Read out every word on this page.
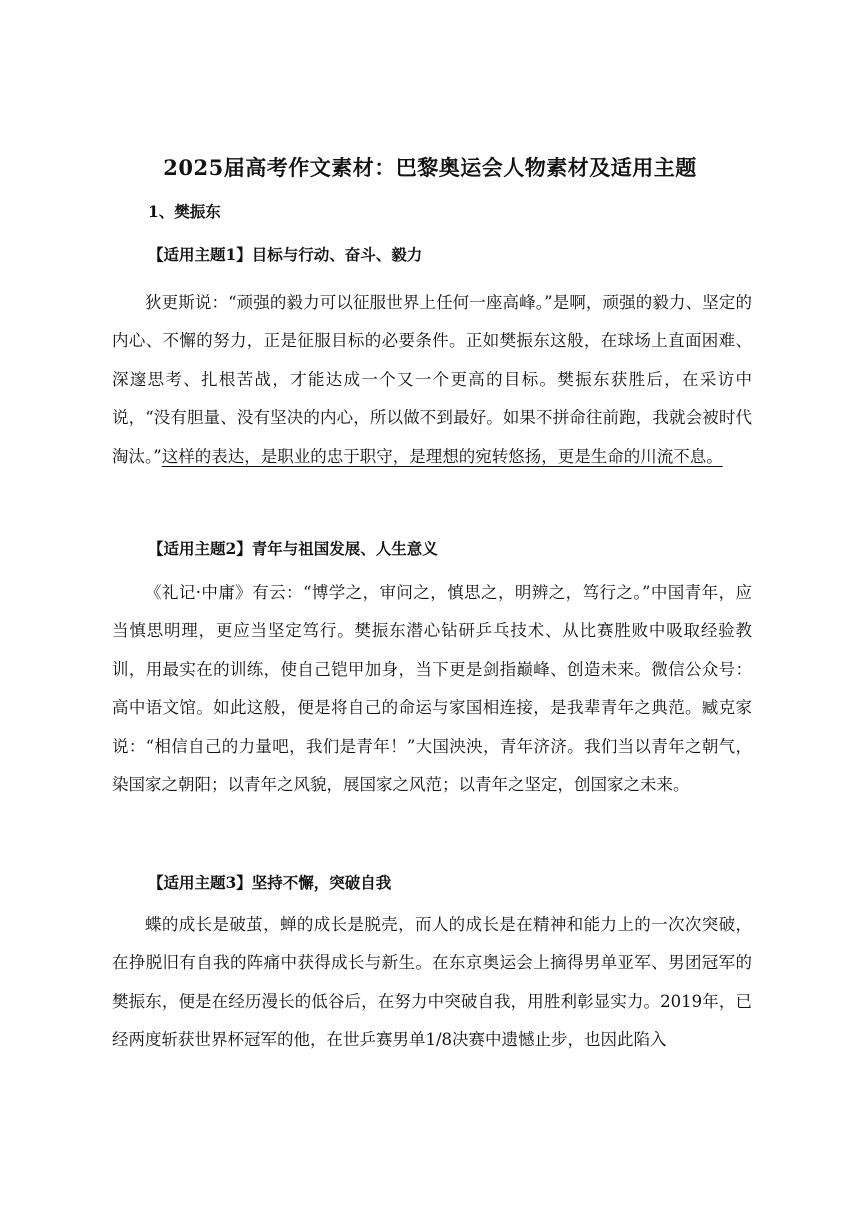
2025届高考作文素材：巴黎奥运会人物素材及适用主题
1、樊振东
【适用主题1】目标与行动、奋斗、毅力
狄更斯说：“顽强的毅力可以征服世界上任何一座高峰。”是啊，顽强的毅力、坚定的内心、不懈的努力，正是征服目标的必要条件。正如樊振东这般，在球场上直面困难、深邃思考、扎根苦战，才能达成一个又一个更高的目标。樊振东获胜后，在采访中说，“没有胆量、没有坚决的内心，所以做不到最好。如果不拼命往前跑，我就会被时代淘汰。”这样的表达，是职业的忠于职守，是理想的宛转悠扬，更是生命的川流不息。
【适用主题2】青年与祖国发展、人生意义
《礼记·中庸》有云：“博学之，审问之，慎思之，明辨之，笃行之。”中国青年，应当慎思明理，更应当坚定笃行。樊振东潜心钻研乒乓技术、从比赛胜败中吸取经验教训，用最实在的训练，使自己铠甲加身，当下更是剑指巅峰、创造未来。微信公众号：高中语文馆。如此这般，便是将自己的命运与家国相连接，是我辈青年之典范。臧克家说：“相信自己的力量吧，我们是青年！”大国泱泱，青年济济。我们当以青年之朝气，染国家之朝阳；以青年之风貌，展国家之风范；以青年之坚定，创国家之未来。
【适用主题3】坚持不懈，突破自我
蝶的成长是破茧，蝉的成长是脱壳，而人的成长是在精神和能力上的一次次突破，在挣脱旧有自我的阵痛中获得成长与新生。在东京奥运会上摘得男单亚军、男团冠军的樊振东，便是在经历漫长的低谷后，在努力中突破自我，用胜利彰显实力。2019年，已经两度斩获世界杯冠军的他，在世乒赛男单1/8决赛中遗憾止步，也因此陷入
